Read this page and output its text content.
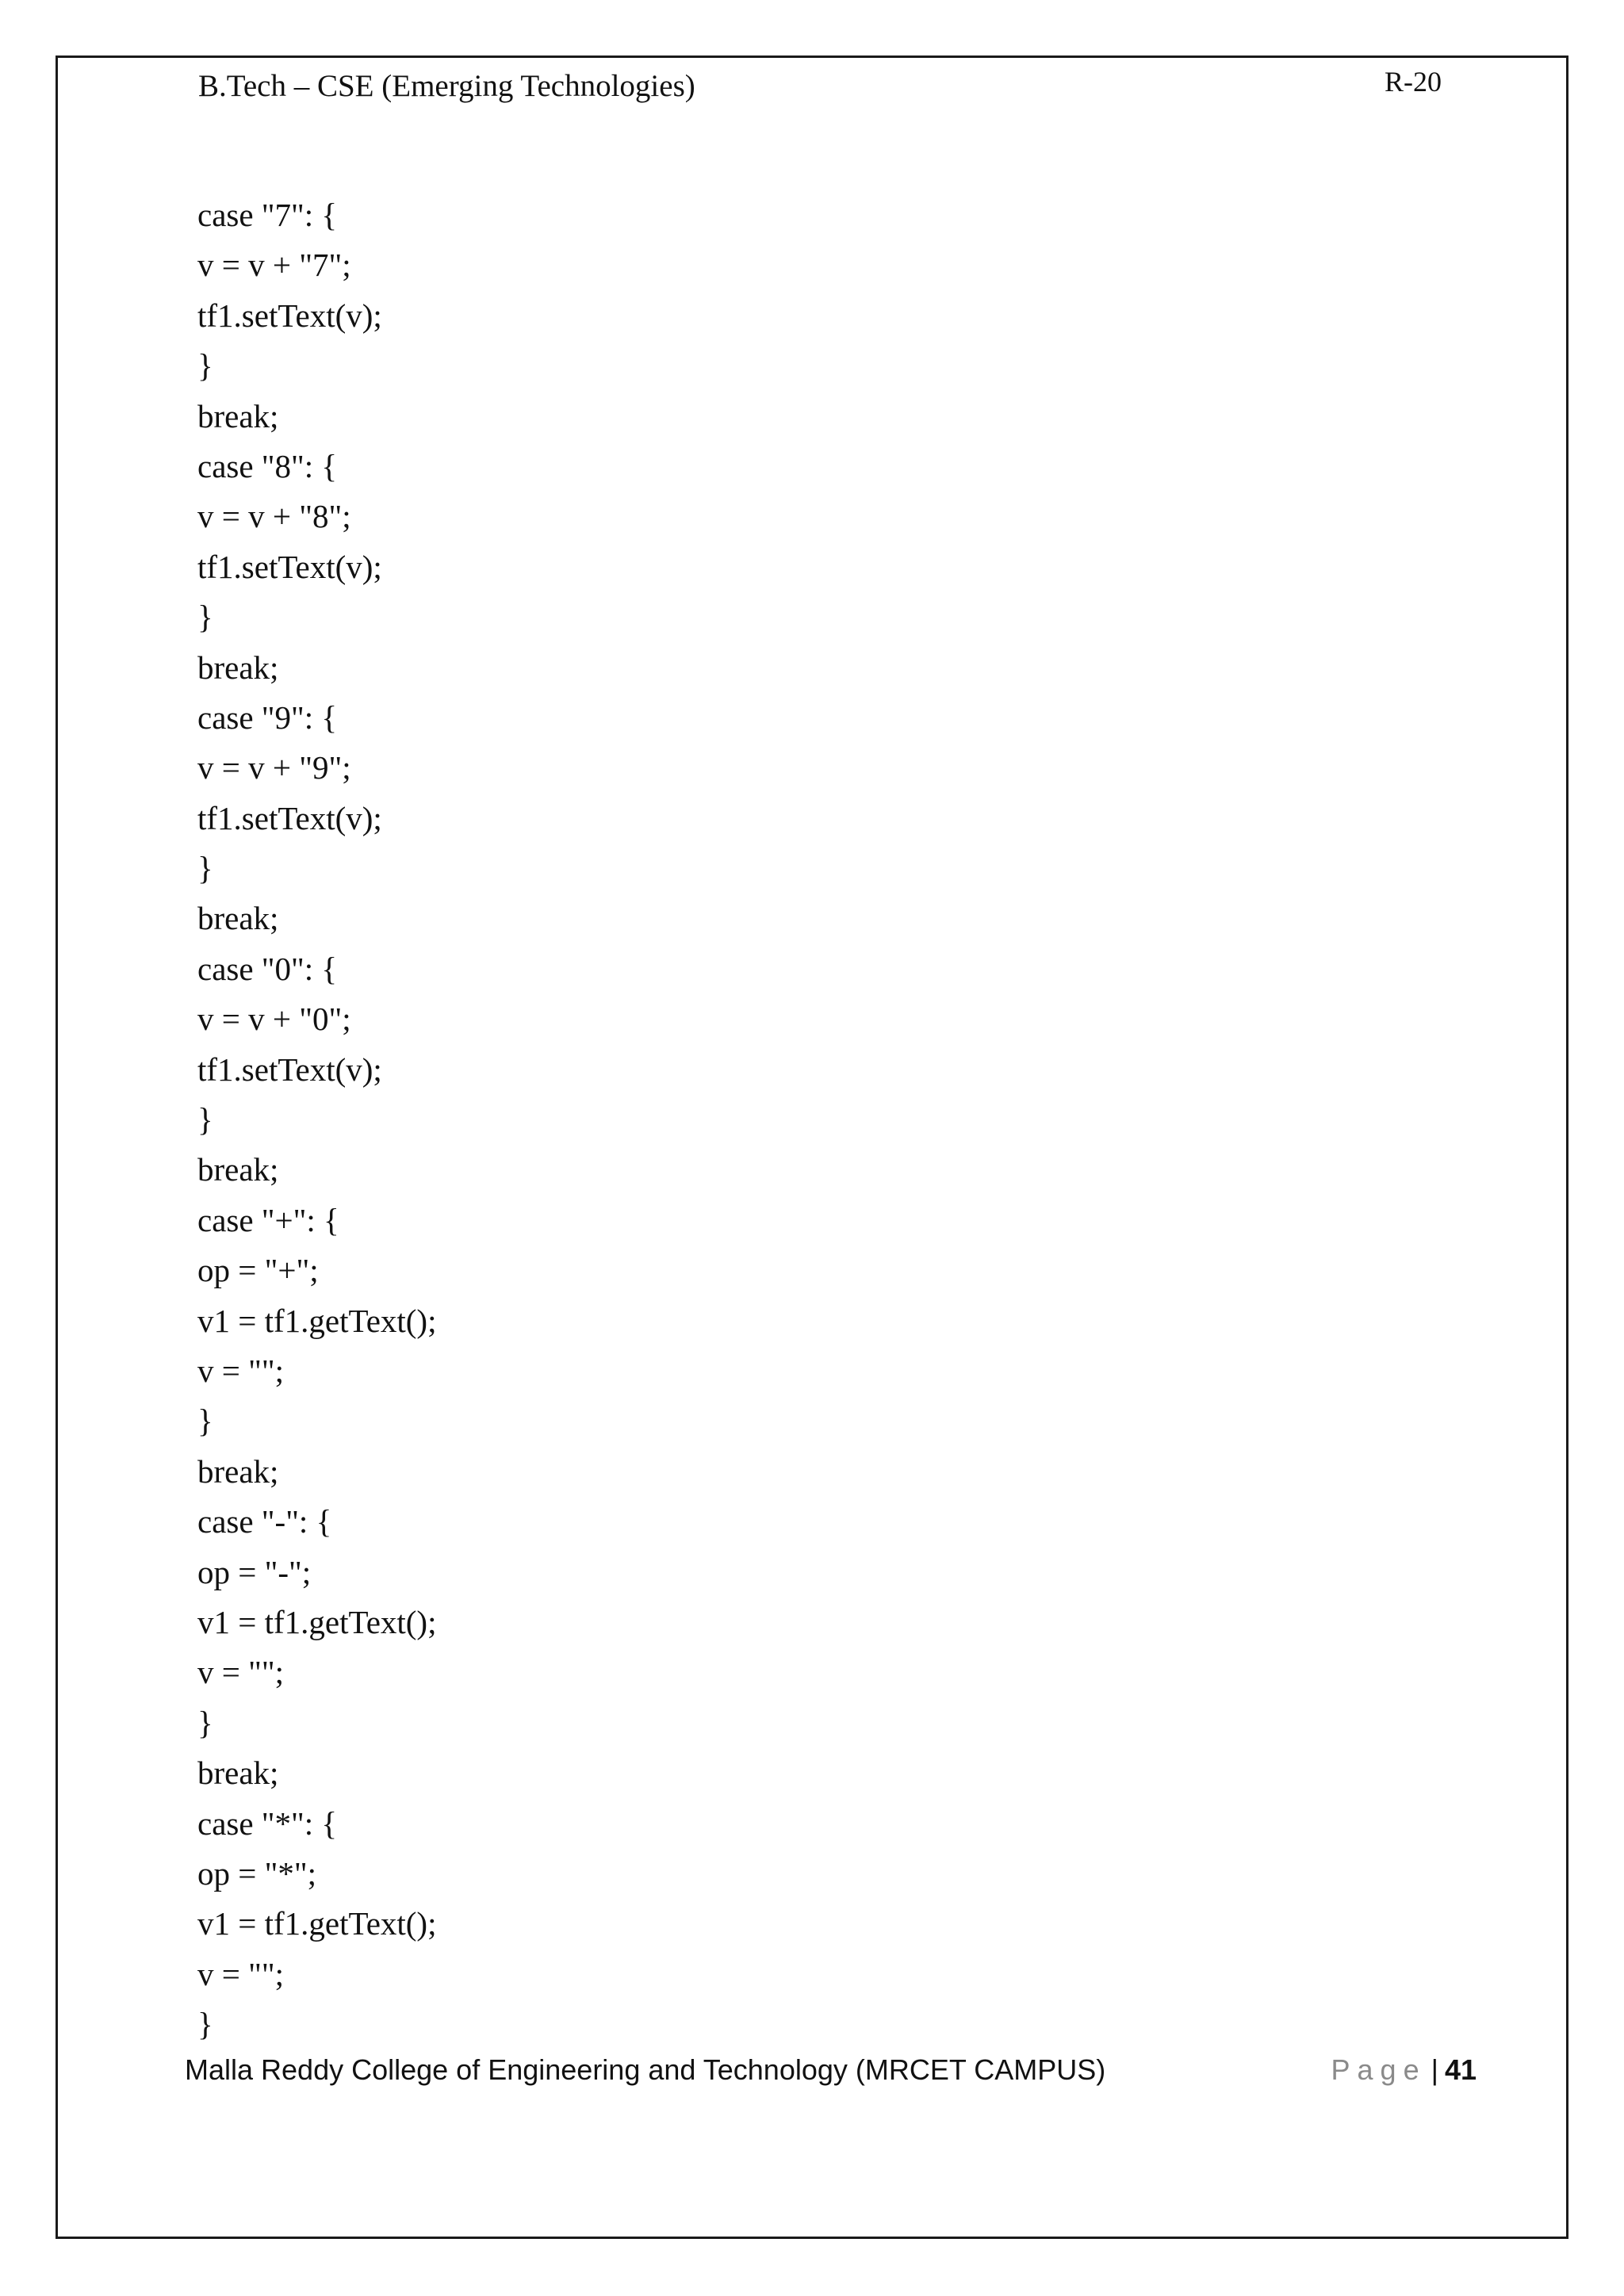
B.Tech – CSE (Emerging Technologies)	R-20
case "7": {
v = v + "7";
tf1.setText(v);
}
break;
case "8": {
v = v + "8";
tf1.setText(v);
}
break;
case "9": {
v = v + "9";
tf1.setText(v);
}
break;
case "0": {
v = v + "0";
tf1.setText(v);
}
break;
case "+": {
op = "+";
v1 = tf1.getText();
v = "";
}
break;
case "-": {
op = "-";
v1 = tf1.getText();
v = "";
}
break;
case "*": {
op = "*";
v1 = tf1.getText();
v = "";
}
Malla Reddy College of Engineering and Technology (MRCET CAMPUS)	Page | 41
